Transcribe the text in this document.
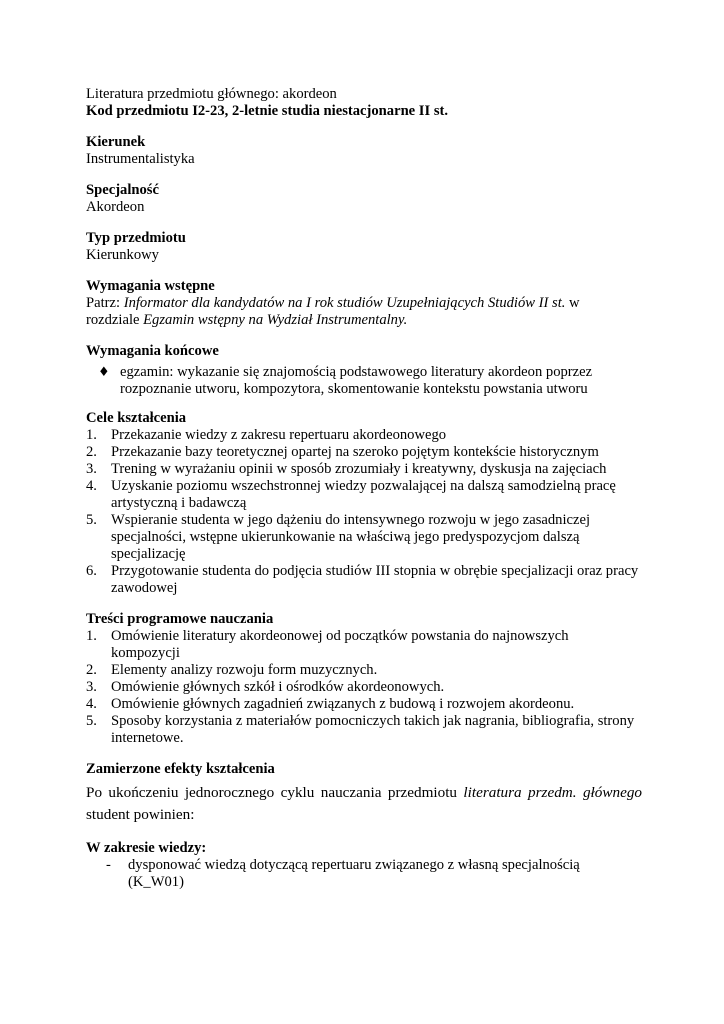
Literatura przedmiotu głównego: akordeon
Kod przedmiotu I2-23, 2-letnie studia niestacjonarne II st.
Kierunek
Instrumentalistyka
Specjalność
Akordeon
Typ przedmiotu
Kierunkowy
Wymagania wstępne
Patrz: Informator dla kandydatów na I rok studiów Uzupełniających Studiów II st. w
rozdziale Egzamin wstępny na Wydział Instrumentalny.
Wymagania końcowe
♦ egzamin: wykazanie się znajomością podstawowego literatury akordeon poprzez
rozpoznanie utworu, kompozytora, skomentowanie kontekstu powstania utworu
Cele kształcenia
1. Przekazanie wiedzy z zakresu repertuaru akordeonowego
2. Przekazanie bazy teoretycznej opartej na szeroko pojętym kontekście historycznym
3. Trening w wyrażaniu opinii w sposób zrozumiały i kreatywny, dyskusja na zajęciach
4. Uzyskanie poziomu wszechstronnej wiedzy pozwalającej na dalszą samodzielną pracę
artystyczną i badawczą
5. Wspieranie studenta w jego dążeniu do intensywnego rozwoju w jego zasadniczej
specjalności, wstępne ukierunkowanie na właściwą jego predyspozycjom dalszą
specjalizację
6. Przygotowanie studenta do podjęcia studiów III stopnia w obrębie specjalizacji oraz pracy
zawodowej
Treści programowe nauczania
1. Omówienie literatury akordeonowej od początków powstania do najnowszych
kompozycji
2. Elementy analizy rozwoju form muzycznych.
3. Omówienie głównych szkół i ośrodków akordeonowych.
4. Omówienie głównych zagadnień związanych z budową i rozwojem akordeonu.
5. Sposoby korzystania z materiałów pomocniczych takich jak nagrania, bibliografia, strony
internetowe.
Zamierzone efekty kształcenia
Po ukończeniu jednorocznego cyklu nauczania przedmiotu literatura przedm. głównego
student powinien:
W zakresie wiedzy:
- dysponować wiedzą dotyczącą repertuaru związanego z własną specjalnością
(K_W01)
